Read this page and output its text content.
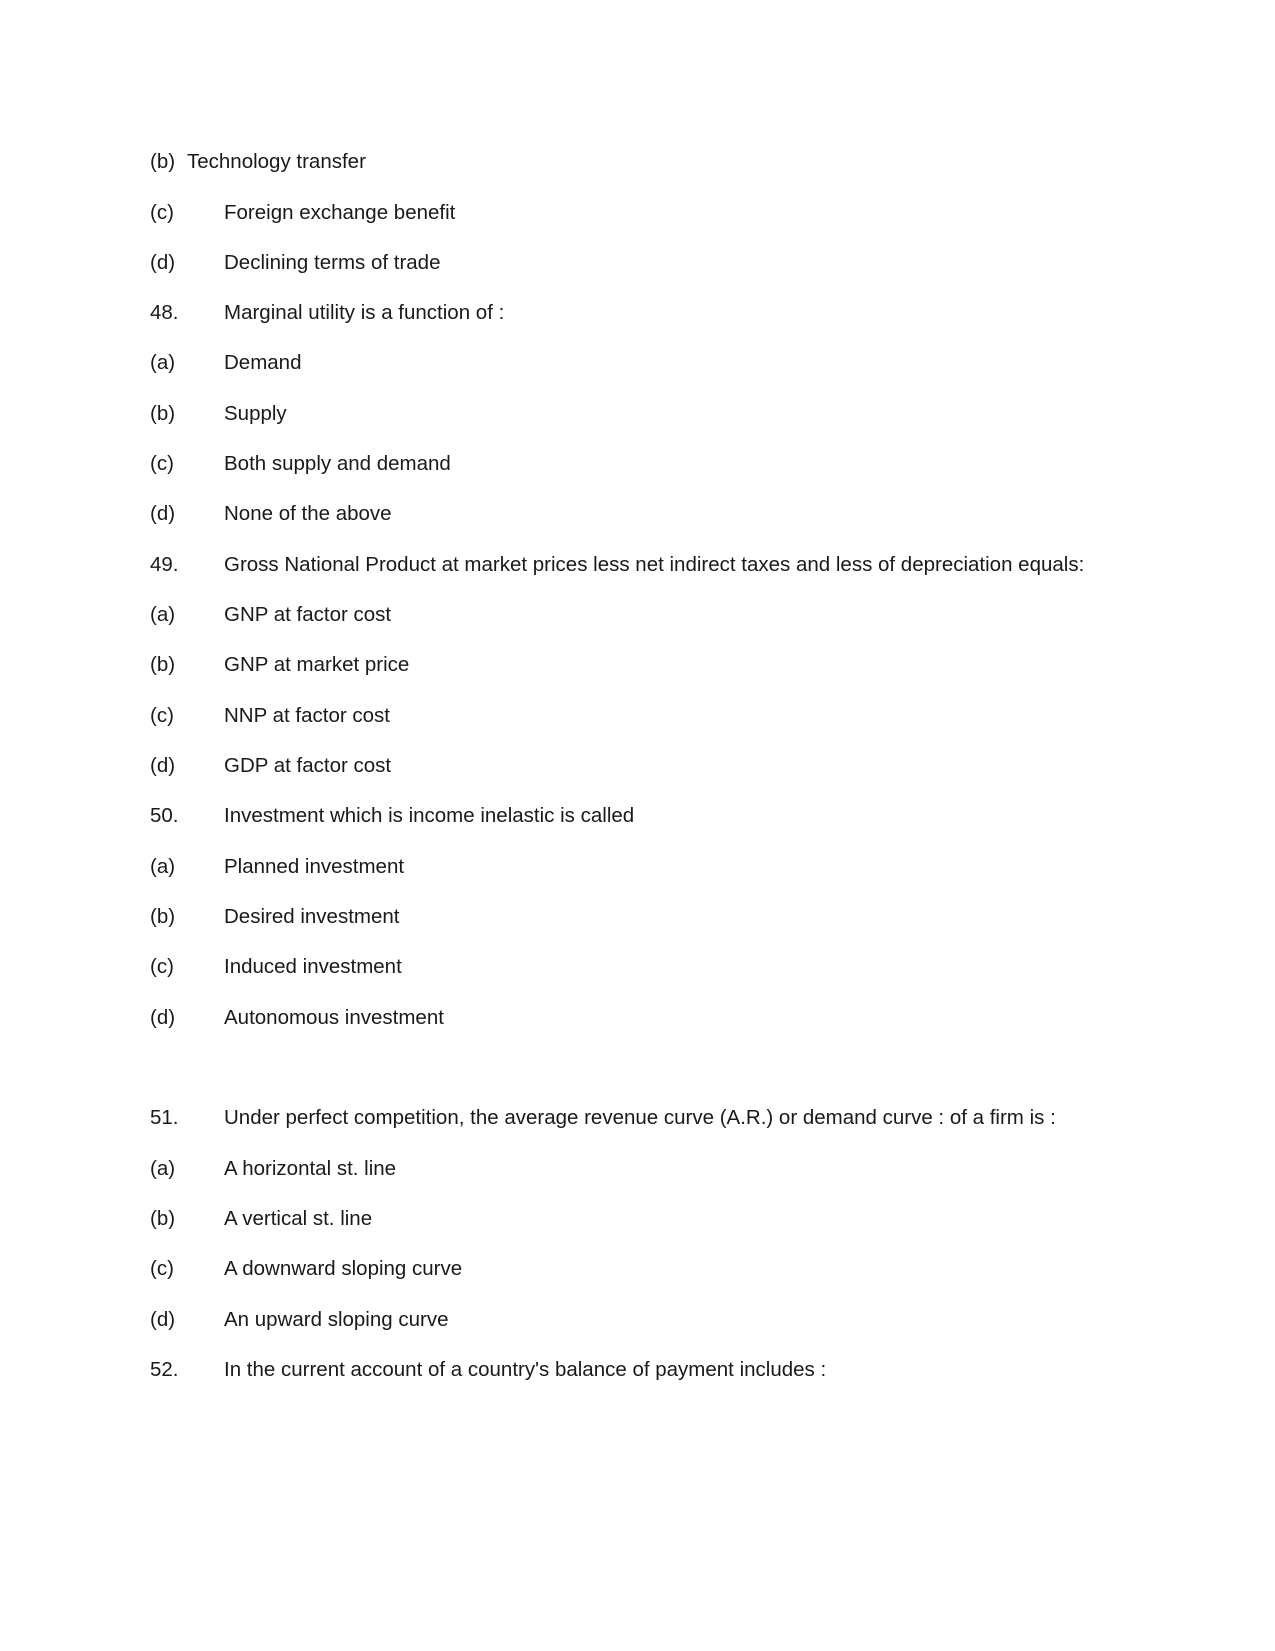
(b) Technology transfer
(c) Foreign exchange benefit
(d) Declining terms of trade
48. Marginal utility is a function of :
(a) Demand
(b) Supply
(c) Both supply and demand
(d) None of the above
49. Gross National Product at market prices less net indirect taxes and less of depreciation equals:
(a) GNP at factor cost
(b) GNP at market price
(c) NNP at factor cost
(d) GDP at factor cost
50. Investment which is income inelastic is called
(a) Planned investment
(b) Desired investment
(c) Induced investment
(d) Autonomous investment
51. Under perfect competition, the average revenue curve (A.R.) or demand curve : of a firm is :
(a) A horizontal st. line
(b) A vertical st. line
(c) A downward sloping curve
(d) An upward sloping curve
52. In the current account of a country's balance of payment includes :
